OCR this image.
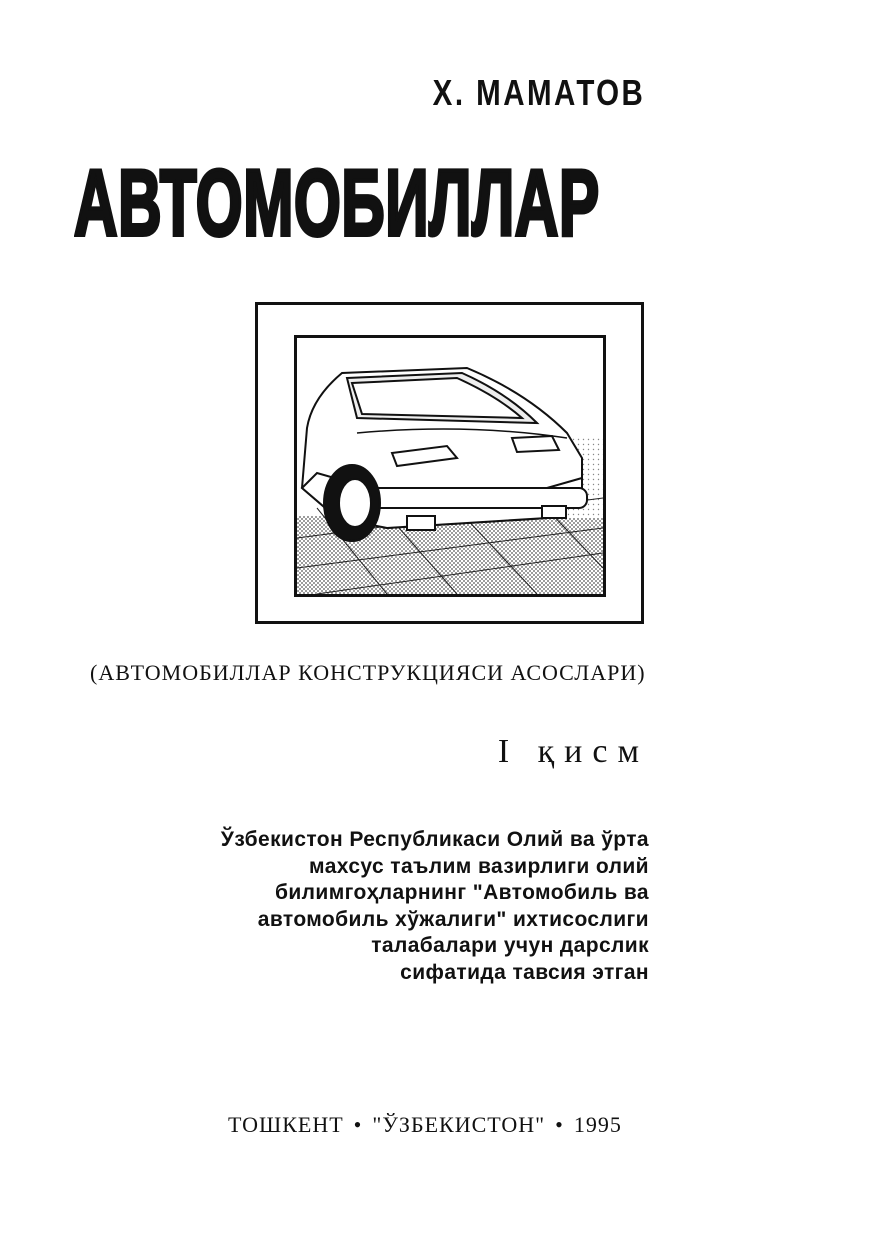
Х. МАМАТОВ
АВТОМОБИЛЛАР
(АВТОМОБИЛЛАР КОНСТРУКЦИЯСИ АСОСЛАРИ)
I қисм
Ўзбекистон Республикаси Олий ва ўрта
махсус таълим вазирлиги олий
билимгоҳларнинг "Автомобиль ва
автомобиль хўжалиги" ихтисослиги
талабалари учун дарслик
сифатида тавсия этган
ТОШКЕНТ • "ЎЗБЕКИСТОН" • 1995
